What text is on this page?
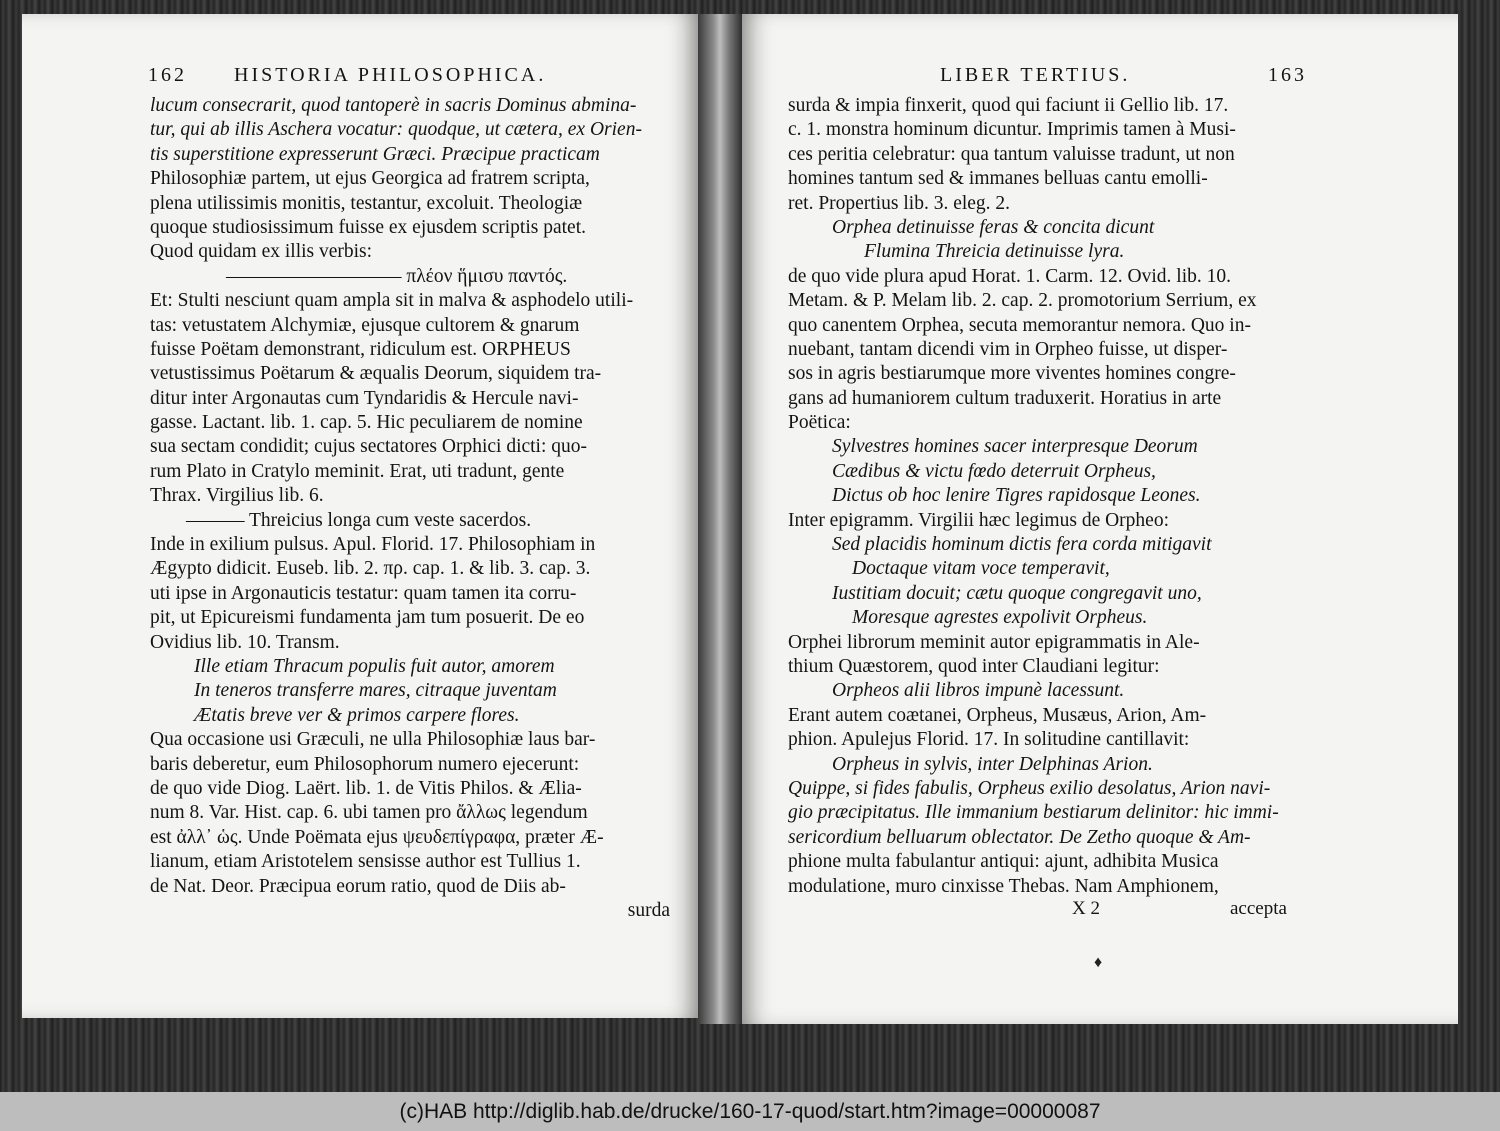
162 HISTORIA PHILOSOPHICA.
lucum consecrarit, quod tantoperè in sacris Dominus abmina-
tur, qui ab illis Aschera vocatur: quodque, ut cætera, ex Orien-
tis superstitione expresserunt Græci. Præcipue practicam
Philosophiæ partem, ut ejus Georgica ad fratrem scripta,
plena utilissimis monitis, testantur, excoluit. Theologiæ
quoque studiosissimum fuisse ex ejusdem scriptis patet.
Quod quidam ex illis verbis:
————————— πλέον ἥμισυ παντός.
Et: Stulti nesciunt quam ampla sit in malva & asphodelo utili-
tas: vetustatem Alchymiæ, ejusque cultorem & gnarum
fuisse Poëtam demonstrant, ridiculum est. ORPHEUS
vetustissimus Poëtarum & æqualis Deorum, siquidem tra-
ditur inter Argonautas cum Tyndaridis & Hercule navi-
gasse. Lactant. lib. 1. cap. 5. Hic peculiarem de nomine
sua sectam condidit; cujus sectatores Orphici dicti: quo-
rum Plato in Cratylo meminit. Erat, uti tradunt, gente
Thrax. Virgilius lib. 6.
——— Threicius longa cum veste sacerdos.
Inde in exilium pulsus. Apul. Florid. 17. Philosophiam in
Ægypto didicit. Euseb. lib. 2. πρ. cap. 1. & lib. 3. cap. 3.
uti ipse in Argonauticis testatur: quam tamen ita corru-
pit, ut Epicureismi fundamenta jam tum posuerit. De eo
Ovidius lib. 10. Transm.
Ille etiam Thracum populis fuit autor, amorem
In teneros transferre mares, citraque juventam
Ætatis breve ver & primos carpere flores.
Qua occasione usi Græculi, ne ulla Philosophiæ laus bar-
baris deberetur, eum Philosophorum numero ejecerunt:
de quo vide Diog. Laërt. lib. 1. de Vitis Philos. & Ælia-
num 8. Var. Hist. cap. 6. ubi tamen pro ἄλλως legendum
est ἀλλ᾽ ὡς. Unde Poëmata ejus ψευδεπίγραφα, præter Æ-
lianum, etiam Aristotelem sensisse author est Tullius 1.
de Nat. Deor. Præcipua eorum ratio, quod de Diis ab-
surda
LIBER TERTIUS.	163
surda & impia finxerit, quod qui faciunt ii Gellio lib. 17.
c. 1. monstra hominum dicuntur. Imprimis tamen à Musi-
ces peritia celebratur: qua tantum valuisse tradunt, ut non
homines tantum sed & immanes belluas cantu emolli-
ret. Propertius lib. 3. eleg. 2.
Orphea detinuisse feras & concita dicunt
Flumina Threicia detinuisse lyra.
de quo vide plura apud Horat. 1. Carm. 12. Ovid. lib. 10.
Metam. & P. Melam lib. 2. cap. 2. promotorium Serrium, ex
quo canentem Orphea, secuta memorantur nemora. Quo in-
nuebant, tantam dicendi vim in Orpheo fuisse, ut disper-
sos in agris bestiarumque more viventes homines congre-
gans ad humaniorem cultum traduxerit. Horatius in arte
Poëtica:
Sylvestres homines sacer interpresque Deorum
Cædibus & victu fœdo deterruit Orpheus,
Dictus ob hoc lenire Tigres rapidosque Leones.
Inter epigramm. Virgilii hæc legimus de Orpheo:
Sed placidis hominum dictis fera corda mitigavit
Doctaque vitam voce temperavit,
Iustitiam docuit; cætu quoque congregavit uno,
Moresque agrestes expolivit Orpheus.
Orphei librorum meminit autor epigrammatis in Ale-
thium Quæstorem, quod inter Claudiani legitur:
Orpheos alii libros impunè lacessunt.
Erant autem coætanei, Orpheus, Musæus, Arion, Am-
phion. Apulejus Florid. 17. In solitudine cantillavit:
Orpheus in sylvis, inter Delphinas Arion.
Quippe, si fides fabulis, Orpheus exilio desolatus, Arion navi-
gio præcipitatus. Ille immanium bestiarum delinitor: hic immi-
sericordium belluarum oblectator. De Zetho quoque & Am-
phione multa fabulantur antiqui: ajunt, adhibita Musica
modulatione, muro cinxisse Thebas. Nam Amphionem,
X 2	accepta
♦
(c)HAB http://diglib.hab.de/drucke/160-17-quod/start.htm?image=00000087
